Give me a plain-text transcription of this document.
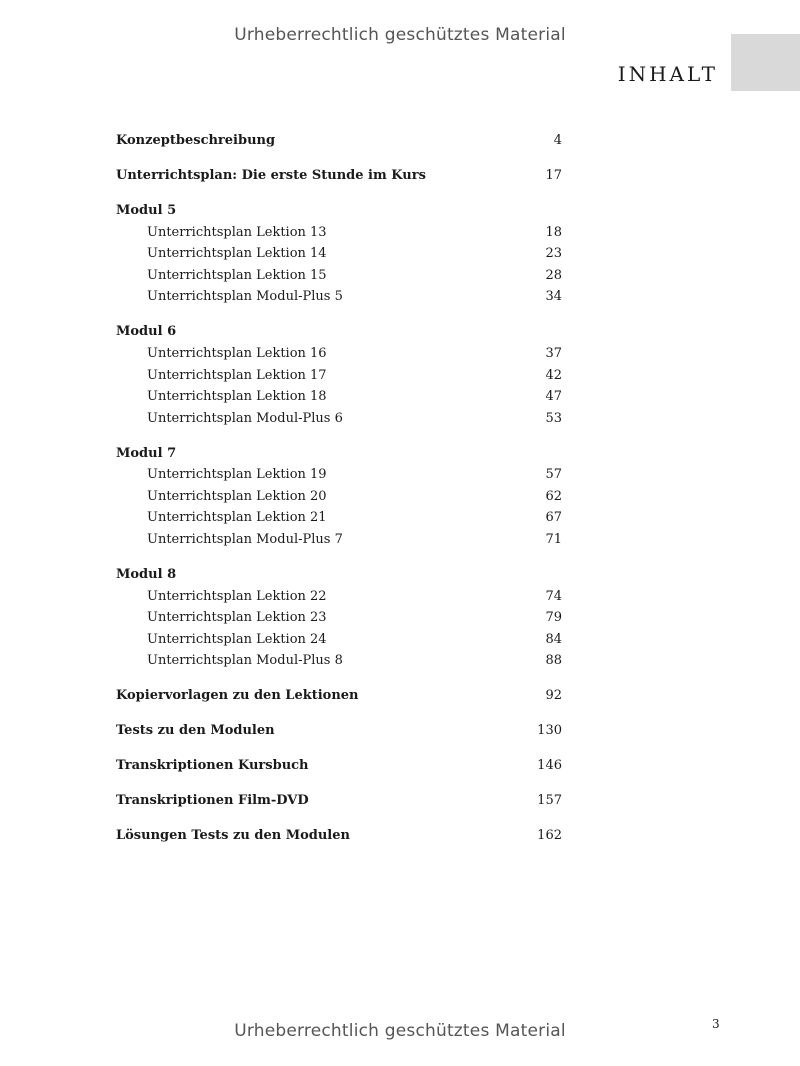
Urheberrechtlich geschütztes Material
INHALT
Konzeptbeschreibung	4
Unterrichtsplan: Die erste Stunde im Kurs	17
Modul 5
Unterrichtsplan Lektion 13	18
Unterrichtsplan Lektion 14	23
Unterrichtsplan Lektion 15	28
Unterrichtsplan Modul-Plus 5	34
Modul 6
Unterrichtsplan Lektion 16	37
Unterrichtsplan Lektion 17	42
Unterrichtsplan Lektion 18	47
Unterrichtsplan Modul-Plus 6	53
Modul 7
Unterrichtsplan Lektion 19	57
Unterrichtsplan Lektion 20	62
Unterrichtsplan Lektion 21	67
Unterrichtsplan Modul-Plus 7	71
Modul 8
Unterrichtsplan Lektion 22	74
Unterrichtsplan Lektion 23	79
Unterrichtsplan Lektion 24	84
Unterrichtsplan Modul-Plus 8	88
Kopiervorlagen zu den Lektionen	92
Tests zu den Modulen	130
Transkriptionen Kursbuch	146
Transkriptionen Film-DVD	157
Lösungen Tests zu den Modulen	162
3
Urheberrechtlich geschütztes Material
